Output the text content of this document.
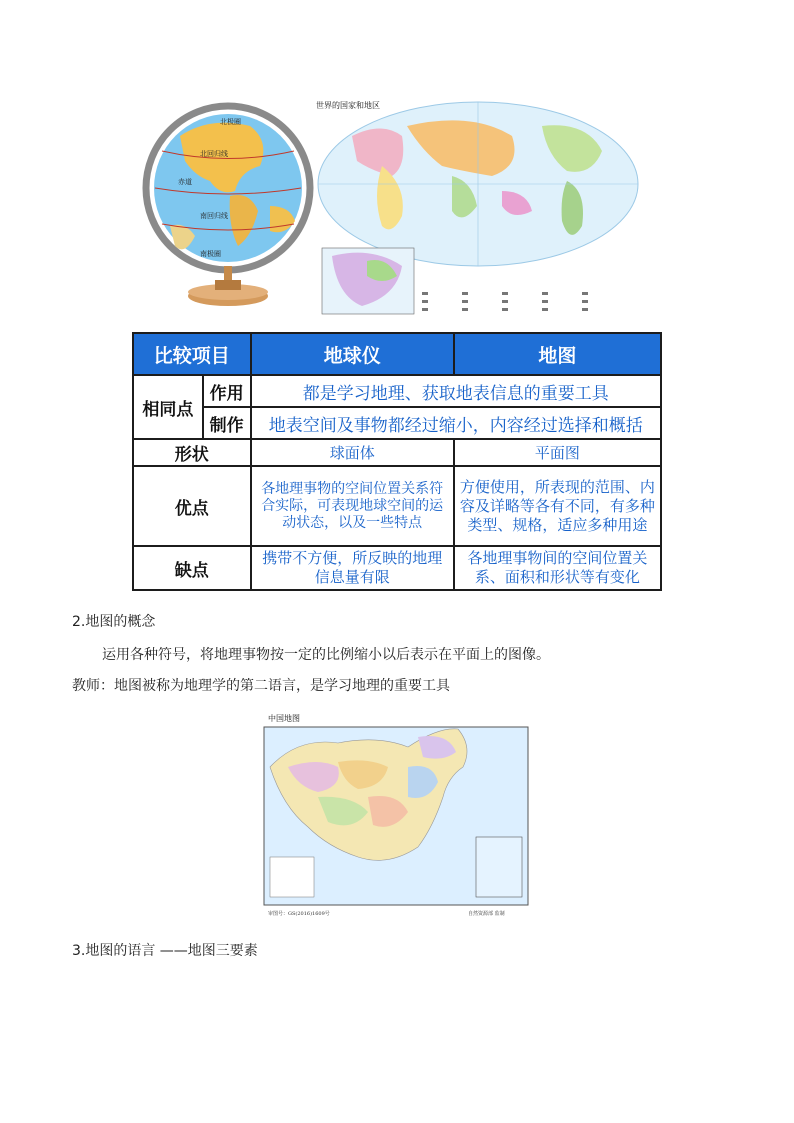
北极圈
北回归线
赤道
南回归线
南极圈
世界的国家和地区
比较项目		地球仪	地图
相同点	作用	都是学习地理、获取地表信息的重要工具	
	制作	地表空间及事物都经过缩小，内容经过选择和概括	
形状		球面体	平面图
优点		各地理事物的空间位置关系符合实际，可表现地球空间的运动状态，以及一些特点	方便使用，所表现的范围、内容及详略等各有不同，有多种类型、规格，适应多种用途
缺点		携带不方便，所反映的地理信息量有限	各地理事物间的空间位置关系、面积和形状等有变化
2.地图的概念
运用各种符号，将地理事物按一定的比例缩小以后表示在平面上的图像。
教师：地图被称为地理学的第二语言，是学习地理的重要工具
中国地图
审图号：GS(2016)1609号	自然资源部 监制
3.地图的语言 ——地图三要素
